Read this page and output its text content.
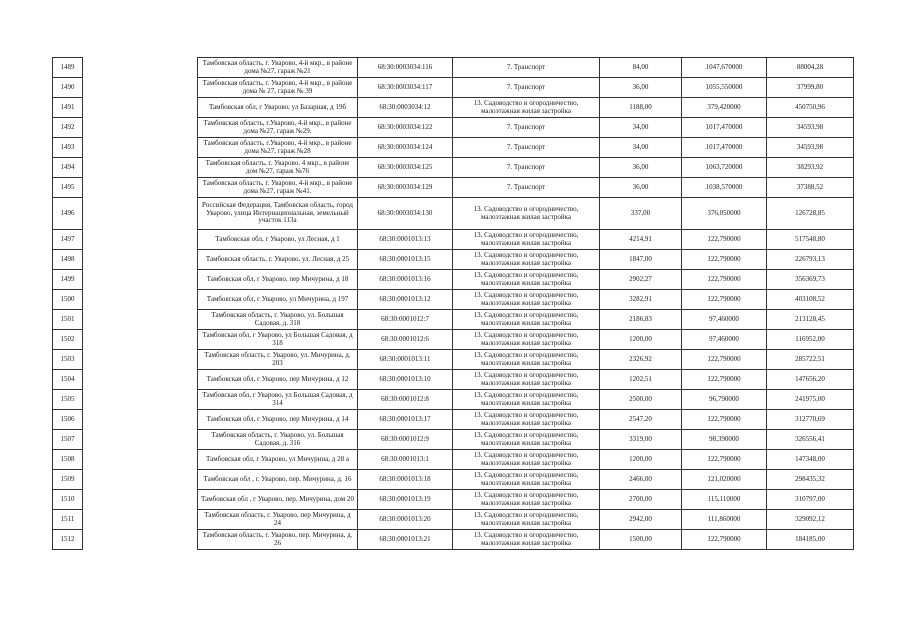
1489		Тамбовская область, г. Уварово, 4-й мкр., в районе дома №27, гараж №21	68:30:0003034:116	7. Транспорт	84,00	1047,670000	88004,28
1490		Тамбовская область, г. Уварово, 4-й мкр., в районе дома № 27, гараж № 39	68:30:0003034:117	7. Транспорт	36,00	1055,550000	37999,80
1491		Тамбовская обл, г Уварово, ул Базарная, д 19б	68:30:0003034:12	13. Садоводство и огородничество, малоэтажная жилая застройка	1188,00	379,420000	450750,96
1492		Тамбовская область, г.Уварово, 4-й мкр., в районе дома №27, гараж №29.	68:30:0003034:122	7. Транспорт	34,00	1017,470000	34593,98
1493		Тамбовская область, г.Уварово, 4-й мкр., в районе дома №27, гараж №28	68:30:0003034:124	7. Транспорт	34,00	1017,470000	34593,98
1494		Тамбовская область, г. Уварово, 4 мкр., в районе дом №27, гараж №76	68:30:0003034:125	7. Транспорт	36,00	1063,720000	38293,92
1495		Тамбовская область, г. Уварово, 4-й мкр., в районе дома №27, гараж №41.	68:30:0003034:129	7. Транспорт	36,00	1038,570000	37388,52
1496		Российская Федерация, Тамбовская область, город Уварово, улица Интернациональная, земельный участок 113а	68:30:0003034:130	13. Садоводство и огородничество, малоэтажная жилая застройка	337,00	376,050000	126728,85
1497		Тамбовская обл, г Уварово, ул Лесная, д 1	68:30:0001013:13	13. Садоводство и огородничество, малоэтажная жилая застройка	4214,91	122,790000	517548,80
1498		Тамбовская область, г. Уварово, ул. Лесная, д 25	68:30:0001013:15	13. Садоводство и огородничество, малоэтажная жилая застройка	1847,00	122,790000	226793,13
1499		Тамбовская обл, г Уварово, пер Мичурина, д 18	68:30:0001013:16	13. Садоводство и огородничество, малоэтажная жилая застройка	2902,27	122,790000	356369,73
1500		Тамбовская обл, г Уварово, ул Мичурина, д 197	68:30:0001013:12	13. Садоводство и огородничество, малоэтажная жилая застройка	3282,91	122,790000	403108,52
1501		Тамбовская область, г. Уварово, ул. Большая Садовая, д. 318	68:30:0001012:7	13. Садоводство и огородничество, малоэтажная жилая застройка	2186,83	97,460000	213128,45
1502		Тамбовская обл, г Уварово, ул Большая Садовая, д 318	68:30:0001012:6	13. Садоводство и огородничество, малоэтажная жилая застройка	1200,00	97,460000	116952,00
1503		Тамбовская область, г. Уварово, ул. Мичурина, д. 203	68:30:0001013:11	13. Садоводство и огородничество, малоэтажная жилая застройка	2326,92	122,790000	285722,51
1504		Тамбовская обл, г Уварово, пер Мичурина, д 12	68:30:0001013:10	13. Садоводство и огородничество, малоэтажная жилая застройка	1202,51	122,790000	147656,20
1505		Тамбовская обл, г Уварово, ул Большая Садовая, д 314	68:30:0001012:8	13. Садоводство и огородничество, малоэтажная жилая застройка	2500,00	96,790000	241975,00
1506		Тамбовская обл, г Уварово, пер Мичурина, д 14	68:30:0001013:17	13. Садоводство и огородничество, малоэтажная жилая застройка	2547,20	122,790000	312770,69
1507		Тамбовская область, г. Уварово, ул. Большая Садовая, д. 316	68:30:0001012:9	13. Садоводство и огородничество, малоэтажная жилая застройка	3319,00	98,390000	326556,41
1508		Тамбовская обл, г Уварово, ул Мичурина, д 28 а	68:30:0001013:1	13. Садоводство и огородничество, малоэтажная жилая застройка	1200,00	122,790000	147348,00
1509		Тамбовская обл , г. Уварово, пер. Мичурина, д. 16	68:30:0001013:18	13. Садоводство и огородничество, малоэтажная жилая застройка	2466,00	121,020000	298435,32
1510		Тамбовская обл , г Уварово, пер. Мичурина, дом 20	68:30:0001013:19	13. Садоводство и огородничество, малоэтажная жилая застройка	2700,00	115,110000	310797,00
1511		Тамбовская область, г. Уварово, пер Мичурина, д 24	68:30:0001013:20	13. Садоводство и огородничество, малоэтажная жилая застройка	2942,00	111,860000	329092,12
1512		Тамбовская область, г. Уварово, пер. Мичурина, д. 26	68:30:0001013:21	13. Садоводство и огородничество, малоэтажная жилая застройка	1500,00	122,790000	184185,00
